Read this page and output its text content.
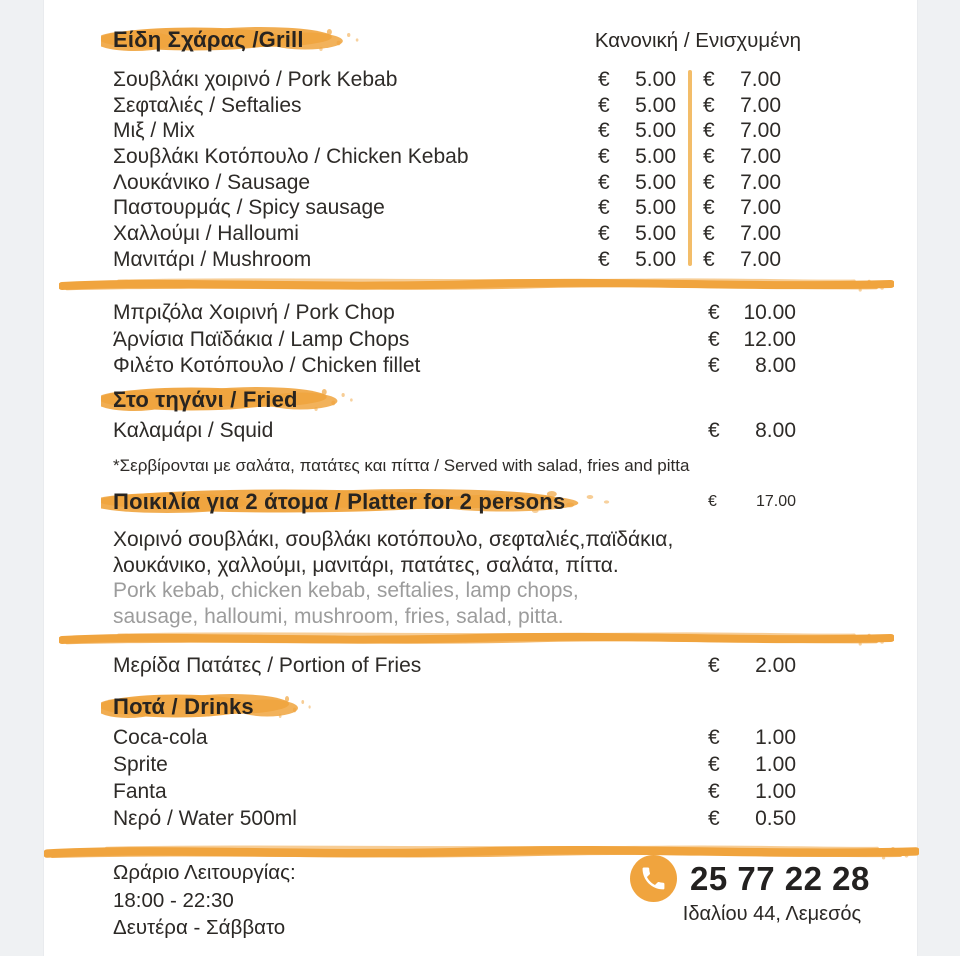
Είδη Σχάρας /Grill	Κανονική / Ενισχυμένη
Σουβλάκι χοιρινό / Pork Kebab	€ 5.00 € 7.00
Σεφταλιές / Seftalies	€ 5.00 € 7.00
Μιξ / Mix	€ 5.00 € 7.00
Σουβλάκι Κοτόπουλο / Chicken Kebab	€ 5.00 € 7.00
Λουκάνικο / Sausage	€ 5.00 € 7.00
Παστουρμάς / Spicy sausage	€ 5.00 € 7.00
Χαλλούμι / Halloumi	€ 5.00 € 7.00
Μανιτάρι / Mushroom	€ 5.00 € 7.00
Μπριζόλα Χοιρινή / Pork Chop	€ 10.00
Άρνίσια Παϊδάκια / Lamp Chops	€ 12.00
Φιλέτο Κοτόπουλο / Chicken fillet	€ 8.00
Στο τηγάνι / Fried
Καλαμάρι / Squid	€ 8.00
*Σερβίρονται με σαλάτα, πατάτες και πίττα / Served with salad, fries and pitta
Ποικιλία για 2 άτομα / Platter for 2 persons	€ 17.00
Χοιρινό σουβλάκι, σουβλάκι κοτόπουλο, σεφταλιές,παϊδάκια,
λουκάνικο, χαλλούμι, μανιτάρι, πατάτες, σαλάτα, πίττα.
Pork kebab, chicken kebab, seftalies, lamp chops,
sausage, halloumi, mushroom, fries, salad, pitta.
Μερίδα Πατάτες / Portion of Fries	€ 2.00
Ποτά / Drinks
Coca-cola	€ 1.00
Sprite	€ 1.00
Fanta	€ 1.00
Νερό / Water 500ml	€ 0.50
Ωράριο Λειτουργίας:
18:00 - 22:30
Δευτέρα - Σάββατο
25 77 22 28
Ιδαλίου 44, Λεμεσός
